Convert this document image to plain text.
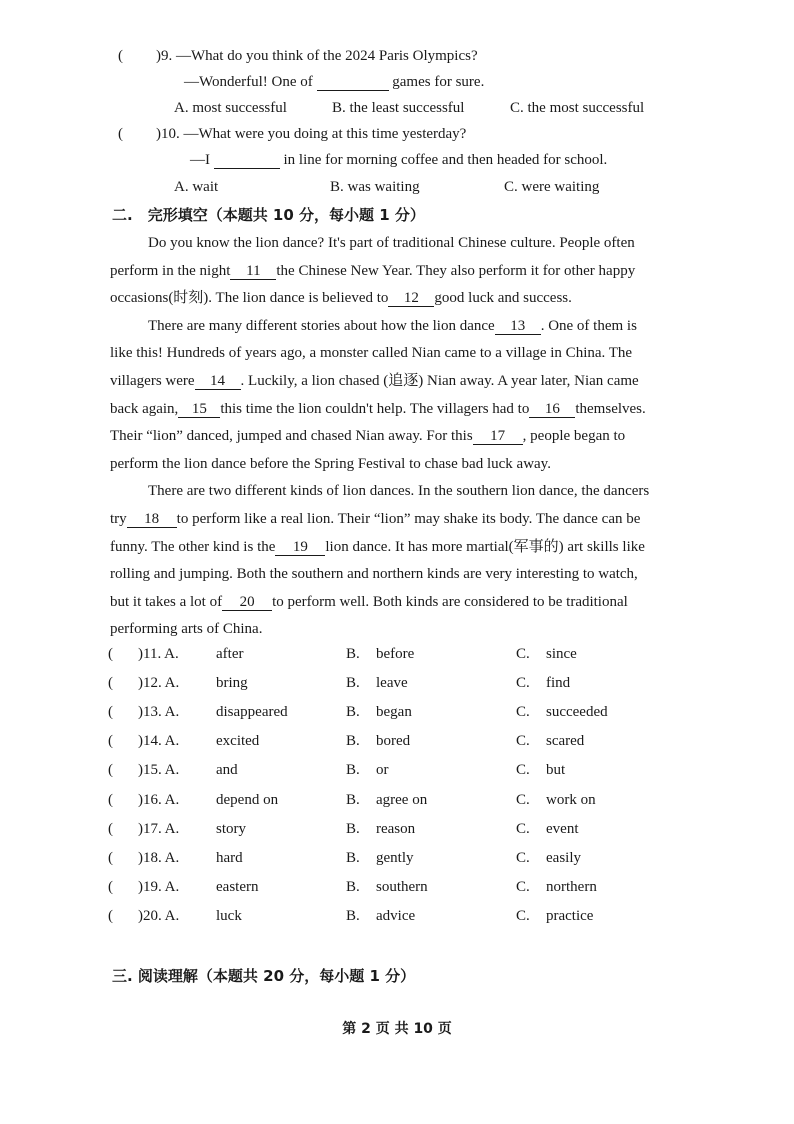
( )9. —What do you think of the 2024 Paris Olympics?
—Wonderful! One of	games for sure.
A. most successful	B. the least successful	C. the most successful
( )10. —What were you doing at this time yesterday?
—I	in line for morning coffee and then headed for school.
A. wait	B. was waiting	C. were waiting
二.　完形填空（本题共 10 分，每小题 1 分）
Do you know the lion dance? It's part of traditional Chinese culture. People often
perform in the night 11 the Chinese New Year. They also perform it for other happy
occasions(时刻). The lion dance is believed to 12 good luck and success.
There are many different stories about how the lion dance 13 . One of them is
like this! Hundreds of years ago, a monster called Nian came to a village in China. The
villagers were 14 . Luckily, a lion chased (追逐) Nian away. A year later, Nian came
back again, 15 this time the lion couldn't help. The villagers had to 16 themselves.
Their “lion” danced, jumped and chased Nian away. For this 17 , people began to
perform the lion dance before the Spring Festival to chase bad luck away.
There are two different kinds of lion dances. In the southern lion dance, the dancers
try 18 to perform like a real lion. Their “lion” may shake its body. The dance can be
funny. The other kind is the 19 lion dance. It has more martial(军事的) art skills like
rolling and jumping. Both the southern and northern kinds are very interesting to watch,
but it takes a lot of 20 to perform well. Both kinds are considered to be traditional
performing arts of China.
( )11. A. after	B. before	C. since
( )12. A. bring	B. leave	C. find
( )13. A. disappeared	B. began	C. succeeded
( )14. A. excited	B. bored	C. scared
( )15. A. and	B. or	C. but
( )16. A. depend on	B. agree on	C. work on
( )17. A. story	B. reason	C. event
( )18. A. hard	B. gently	C. easily
( )19. A. eastern	B. southern	C. northern
( )20. A. luck	B. advice	C. practice
三. 阅读理解（本题共 20 分，每小题 1 分）
第 2 页 共 10 页
